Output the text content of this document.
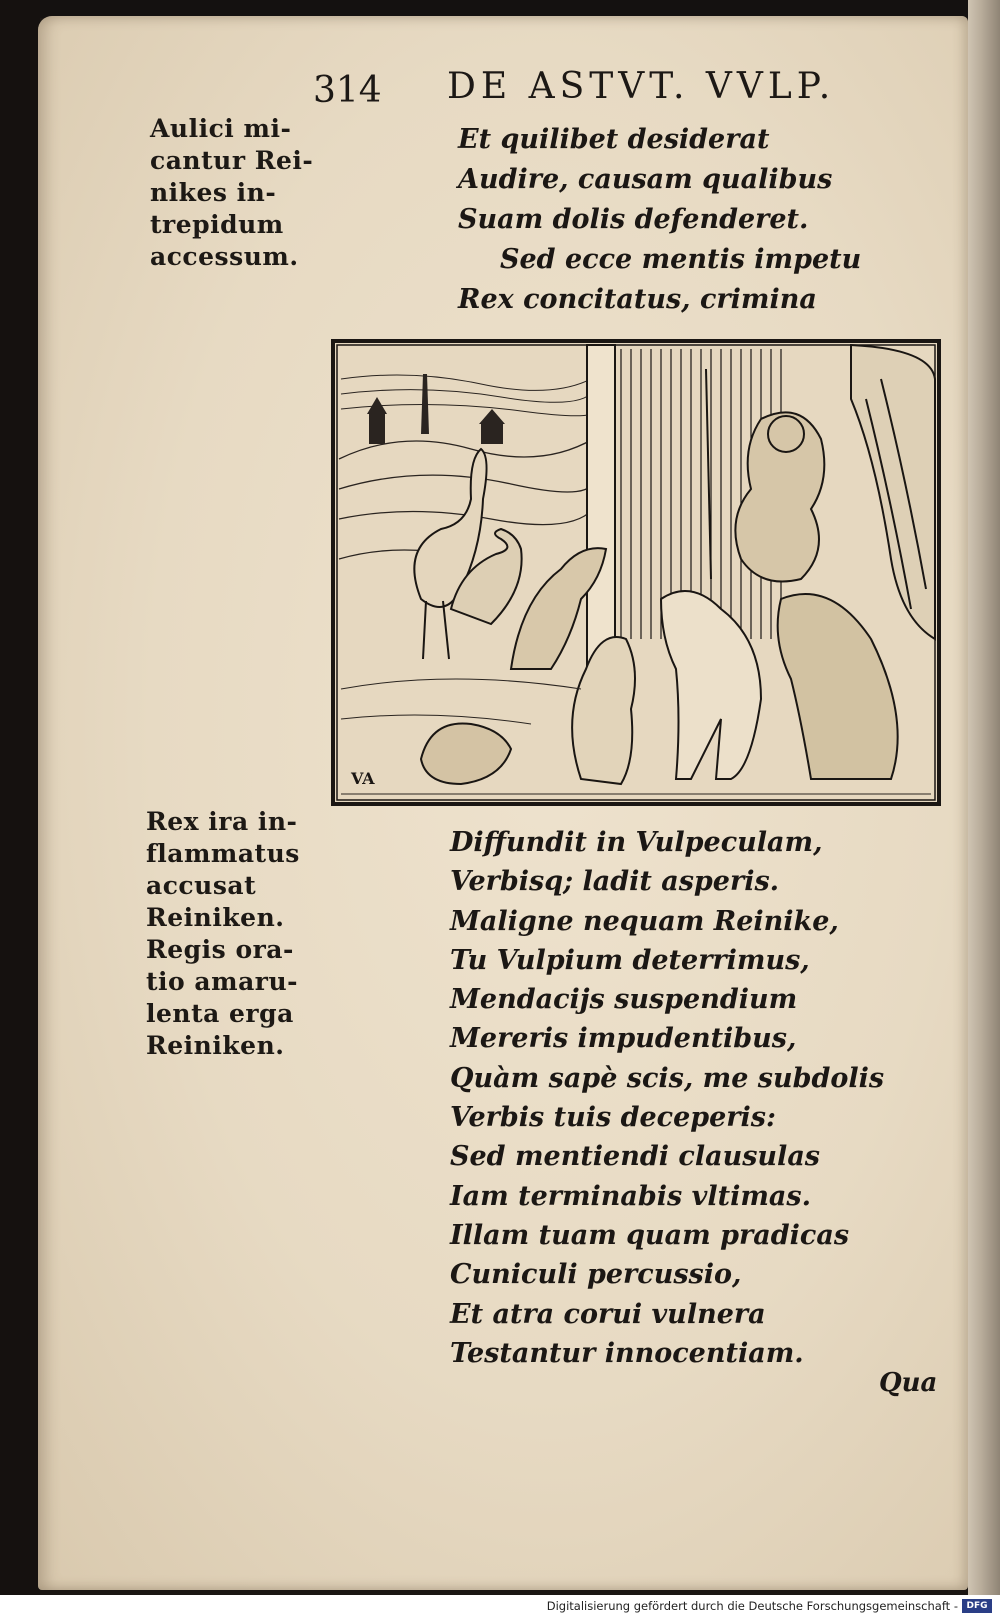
314 DE ASTVT. VVLP.
Aulici mi-
cantur Rei-
nikes in-
trepidum
accessum.
Et quilibet desiderat
Audire, causam qualibus
Suam dolis defenderet.
Sed ecce mentis impetu
Rex concitatus, crimina
VA
Rex ira in-
flammatus
accusat
Reiniken.
Regis ora-
tio amaru-
lenta erga
Reiniken.
Diffundit in Vulpeculam,
Verbisq; ladit asperis.
Maligne nequam Reinike,
Tu Vulpium deterrimus,
Mendacijs suspendium
Mereris impudentibus,
Quàm sapè scis, me subdolis
Verbis tuis deceperis:
Sed mentiendi clausulas
Iam terminabis vltimas.
Illam tuam quam pradicas
Cuniculi percussio,
Et atra corui vulnera
Testantur innocentiam.
Qua
Digitalisierung gefördert durch die Deutsche Forschungsgemeinschaft - DFG
